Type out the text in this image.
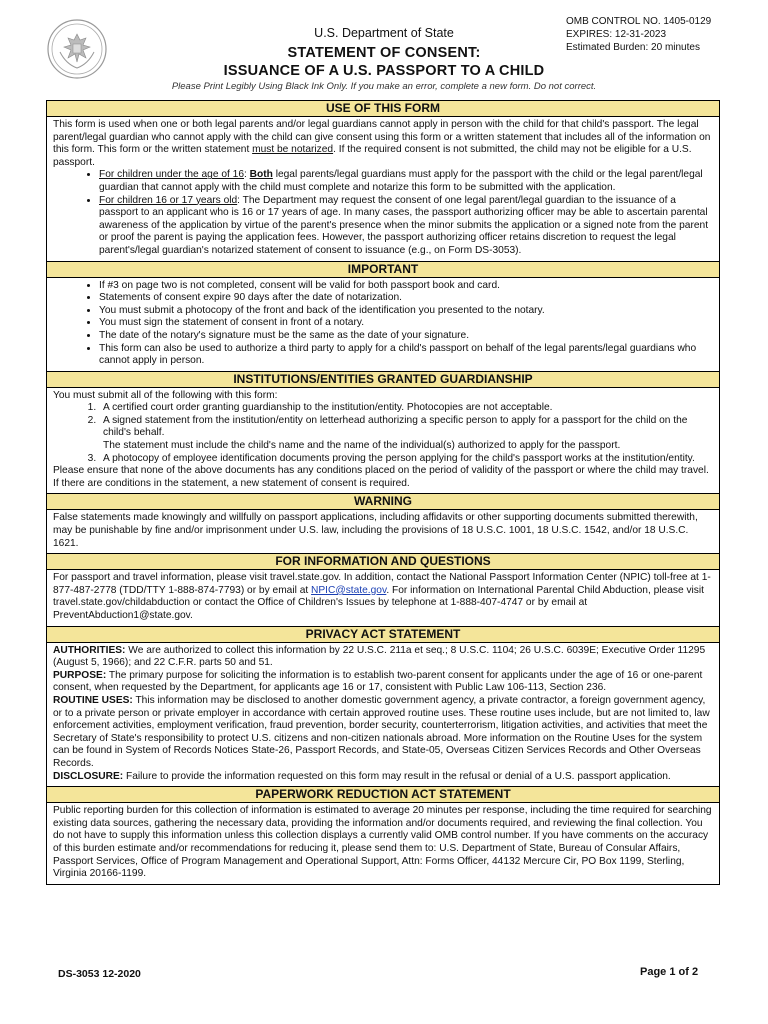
U.S. Department of State
STATEMENT OF CONSENT:
ISSUANCE OF A U.S. PASSPORT TO A CHILD
Please Print Legibly Using Black Ink Only. If you make an error, complete a new form. Do not correct.
OMB CONTROL NO. 1405-0129
EXPIRES: 12-31-2023
Estimated Burden: 20 minutes
USE OF THIS FORM

This form is used when one or both legal parents and/or legal guardians cannot apply in person with the child for that child's passport. The legal parent/legal guardian who cannot apply with the child can give consent using this form or a written statement that includes all of the information on this form. This form or the written statement must be notarized. If the required consent is not submitted, the child may not be eligible for a U.S. passport.

• For children under the age of 16: Both legal parents/legal guardians must apply for the passport with the child or the legal parent/legal guardian that cannot apply with the child must complete and notarize this form to be submitted with the application.
• For children 16 or 17 years old: The Department may request the consent of one legal parent/legal guardian to the issuance of a passport to an applicant who is 16 or 17 years of age. In many cases, the passport authorizing officer may be able to ascertain parental awareness of the application by virtue of the parent's presence when the minor submits the application or a signed note from the parent or proof the parent is paying the application fees. However, the passport authorizing officer retains discretion to request the legal parent's/legal guardian's notarized statement of consent to issuance (e.g., on Form DS-3053).
IMPORTANT
• If #3 on page two is not completed, consent will be valid for both passport book and card.
• Statements of consent expire 90 days after the date of notarization.
• You must submit a photocopy of the front and back of the identification you presented to the notary.
• You must sign the statement of consent in front of a notary.
• The date of the notary's signature must be the same as the date of your signature.
• This form can also be used to authorize a third party to apply for a child's passport on behalf of the legal parents/legal guardians who cannot apply in person.
INSTITUTIONS/ENTITIES GRANTED GUARDIANSHIP

You must submit all of the following with this form:

1. A certified court order granting guardianship to the institution/entity. Photocopies are not acceptable.
2. A signed statement from the institution/entity on letterhead authorizing a specific person to apply for a passport for the child on the child's behalf.
The statement must include the child's name and the name of the individual(s) authorized to apply for the passport.
3. A photocopy of employee identification documents proving the person applying for the child's passport works at the institution/entity.

Please ensure that none of the above documents has any conditions placed on the period of validity of the passport or where the child may travel. If there are conditions in the statement, a new statement of consent is required.

WARNING

False statements made knowingly and willfully on passport applications, including affidavits or other supporting documents submitted therewith, may be punishable by fine and/or imprisonment under U.S. law, including the provisions of 18 U.S.C. 1001, 18 U.S.C. 1542, and/or 18 U.S.C. 1621.

FOR INFORMATION AND QUESTIONS

For passport and travel information, please visit travel.state.gov. In addition, contact the National Passport Information Center (NPIC) toll-free at 1-877-487-2778 (TDD/TTY 1-888-874-7793) or by email at NPIC@state.gov. For information on International Parental Child Abduction, please visit travel.state.gov/childabduction or contact the Office of Children's Issues by telephone at 1-888-407-4747 or by email at PreventAbduction1@state.gov.

PRIVACY ACT STATEMENT

AUTHORITIES: We are authorized to collect this information by 22 U.S.C. 211a et seq.; 8 U.S.C. 1104; 26 U.S.C. 6039E; Executive Order 11295 (August 5, 1966); and 22 C.F.R. parts 50 and 51.

PURPOSE: The primary purpose for soliciting the information is to establish two-parent consent for applicants under the age of 16 or one-parent consent, when requested by the Department, for applicants age 16 or 17, consistent with Public Law 106-113, Section 236.

ROUTINE USES: This information may be disclosed to another domestic government agency, a private contractor, a foreign government agency, or to a private person or private employer in accordance with certain approved routine uses. These routine uses include, but are not limited to, law enforcement activities, employment verification, fraud prevention, border security, counterterrorism, litigation activities, and activities that meet the Secretary of State's responsibility to protect U.S. citizens and non-citizen nationals abroad. More information on the Routine Uses for the system can be found in System of Records Notices State-26, Passport Records, and State-05, Overseas Citizen Services Records and Other Overseas Records.

DISCLOSURE: Failure to provide the information requested on this form may result in the refusal or denial of a U.S. passport application.

PAPERWORK REDUCTION ACT STATEMENT

Public reporting burden for this collection of information is estimated to average 20 minutes per response, including the time required for searching existing data sources, gathering the necessary data, providing the information and/or documents required, and reviewing the final collection. You do not have to supply this information unless this collection displays a currently valid OMB control number. If you have comments on the accuracy of this burden estimate and/or recommendations for reducing it, please send them to: U.S. Department of State, Bureau of Consular Affairs, Passport Services, Office of Program Management and Operational Support, Attn: Forms Officer, 44132 Mercure Cir, PO Box 1199, Sterling, Virginia 20166-1199.

DS-3053 12-2020	Page 1 of 2
